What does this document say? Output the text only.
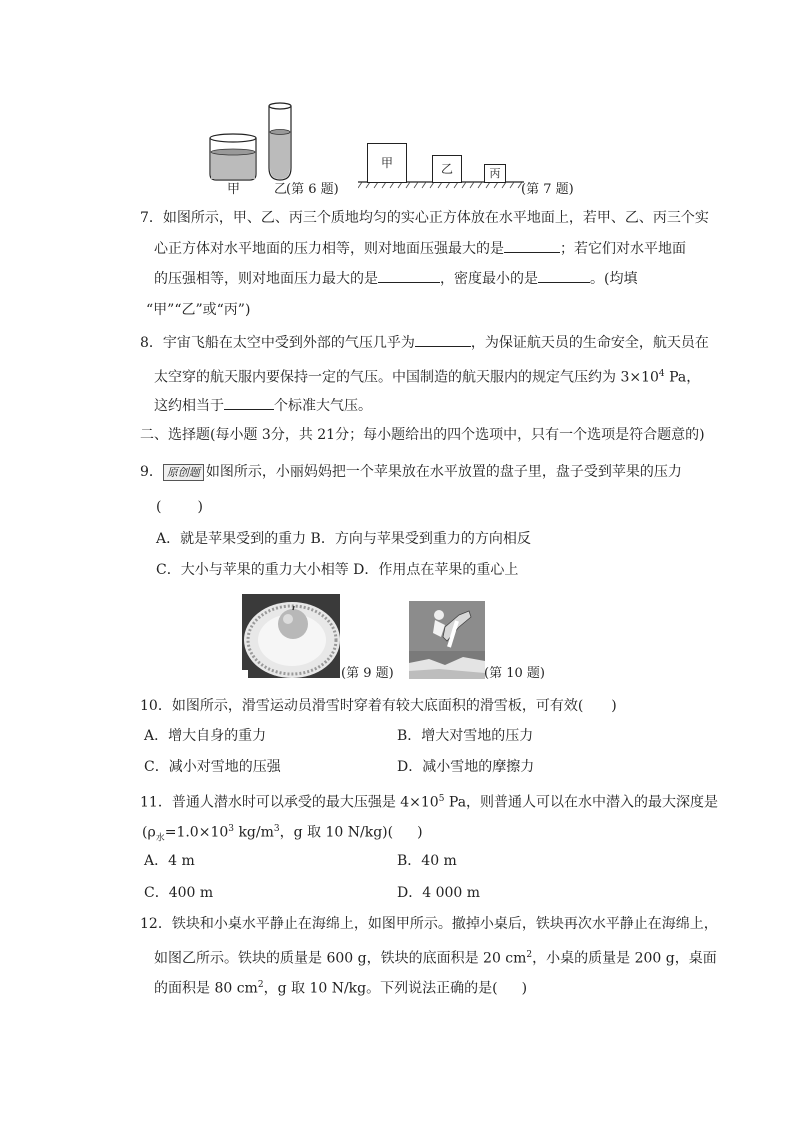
甲	乙
(第 6 题)
甲	乙	丙
(第 7 题)
7．如图所示，甲、乙、丙三个质地均匀的实心正方体放在水平地面上，若甲、乙、丙三个实
心正方体对水平地面的压力相等，则对地面压强最大的是	；若它们对水平地面
的压强相等，则对地面压力最大的是	，密度最小的是	。(均填
“甲”“乙”或“丙”)
8．宇宙飞船在太空中受到外部的气压几乎为	，为保证航天员的生命安全，航天员在
太空穿的航天服内要保持一定的气压。中国制造的航天服内的规定气压约为 $3\times 10^4$ Pa，
这约相当于	个标准大气压。
二、选择题(每小题 3分，共 21分；每小题给出的四个选项中，只有一个选项是符合题意的)
9． 原创题 如图所示，小丽妈妈把一个苹果放在水平放置的盘子里，盘子受到苹果的压力
(	)
A．就是苹果受到的重力 B．方向与苹果受到重力的方向相反
C．大小与苹果的重力大小相等 D．作用点在苹果的重心上
(第 9 题)	(第 10 题)
10．如图所示，滑雪运动员滑雪时穿着有较大底面积的滑雪板，可有效( )
A．增大自身的重力	B．增大对雪地的压力
C．减小对雪地的压强	D．减小雪地的摩擦力
11．普通人潜水时可以承受的最大压强是 $4\times 10^5$ Pa，则普通人可以在水中潜入的最大深度是
($\rho_水=1.0\times 10^3$ $kg/m^3$，g 取 10 N/kg)( )
A．4 m	B．40 m
C．400 m	D．4 000 m
12．铁块和小桌水平静止在海绵上，如图甲所示。撤掉小桌后，铁块再次水平静止在海绵上，
如图乙所示。铁块的质量是 600 g，铁块的底面积是 20 $cm^2$，小桌的质量是 200 g，桌面
的面积是 80 $cm^2$，g 取 10 N/kg。下列说法正确的是( )
